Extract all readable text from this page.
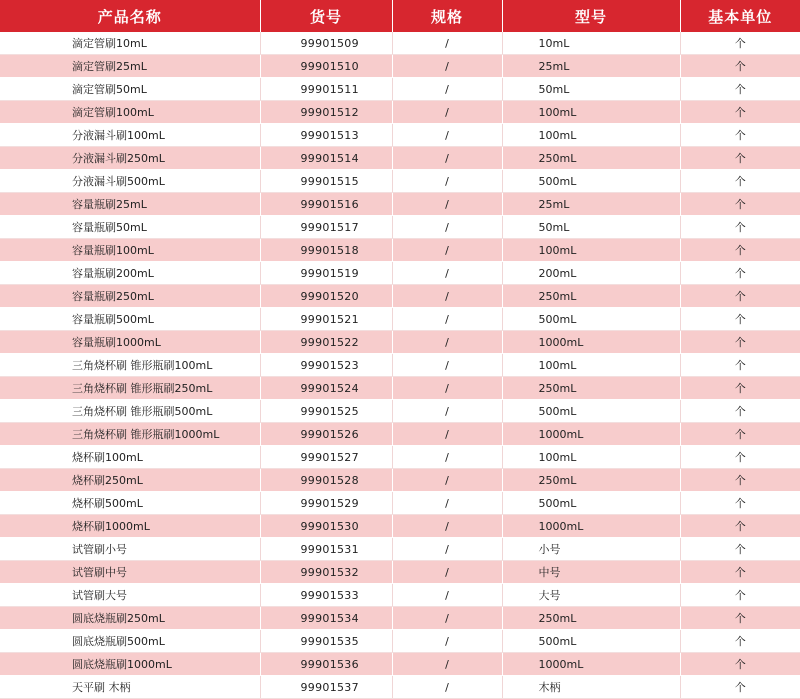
产品名称	货号	规格	型号	基本单位
滴定管刷10mL	99901509	/	10mL	个
滴定管刷25mL	99901510	/	25mL	个
滴定管刷50mL	99901511	/	50mL	个
滴定管刷100mL	99901512	/	100mL	个
分液漏斗刷100mL	99901513	/	100mL	个
分液漏斗刷250mL	99901514	/	250mL	个
分液漏斗刷500mL	99901515	/	500mL	个
容量瓶刷25mL	99901516	/	25mL	个
容量瓶刷50mL	99901517	/	50mL	个
容量瓶刷100mL	99901518	/	100mL	个
容量瓶刷200mL	99901519	/	200mL	个
容量瓶刷250mL	99901520	/	250mL	个
容量瓶刷500mL	99901521	/	500mL	个
容量瓶刷1000mL	99901522	/	1000mL	个
三角烧杯刷 锥形瓶刷100mL	99901523	/	100mL	个
三角烧杯刷 锥形瓶刷250mL	99901524	/	250mL	个
三角烧杯刷 锥形瓶刷500mL	99901525	/	500mL	个
三角烧杯刷 锥形瓶刷1000mL	99901526	/	1000mL	个
烧杯刷100mL	99901527	/	100mL	个
烧杯刷250mL	99901528	/	250mL	个
烧杯刷500mL	99901529	/	500mL	个
烧杯刷1000mL	99901530	/	1000mL	个
试管刷小号	99901531	/	小号	个
试管刷中号	99901532	/	中号	个
试管刷大号	99901533	/	大号	个
圆底烧瓶刷250mL	99901534	/	250mL	个
圆底烧瓶刷500mL	99901535	/	500mL	个
圆底烧瓶刷1000mL	99901536	/	1000mL	个
天平刷 木柄	99901537	/	木柄	个
